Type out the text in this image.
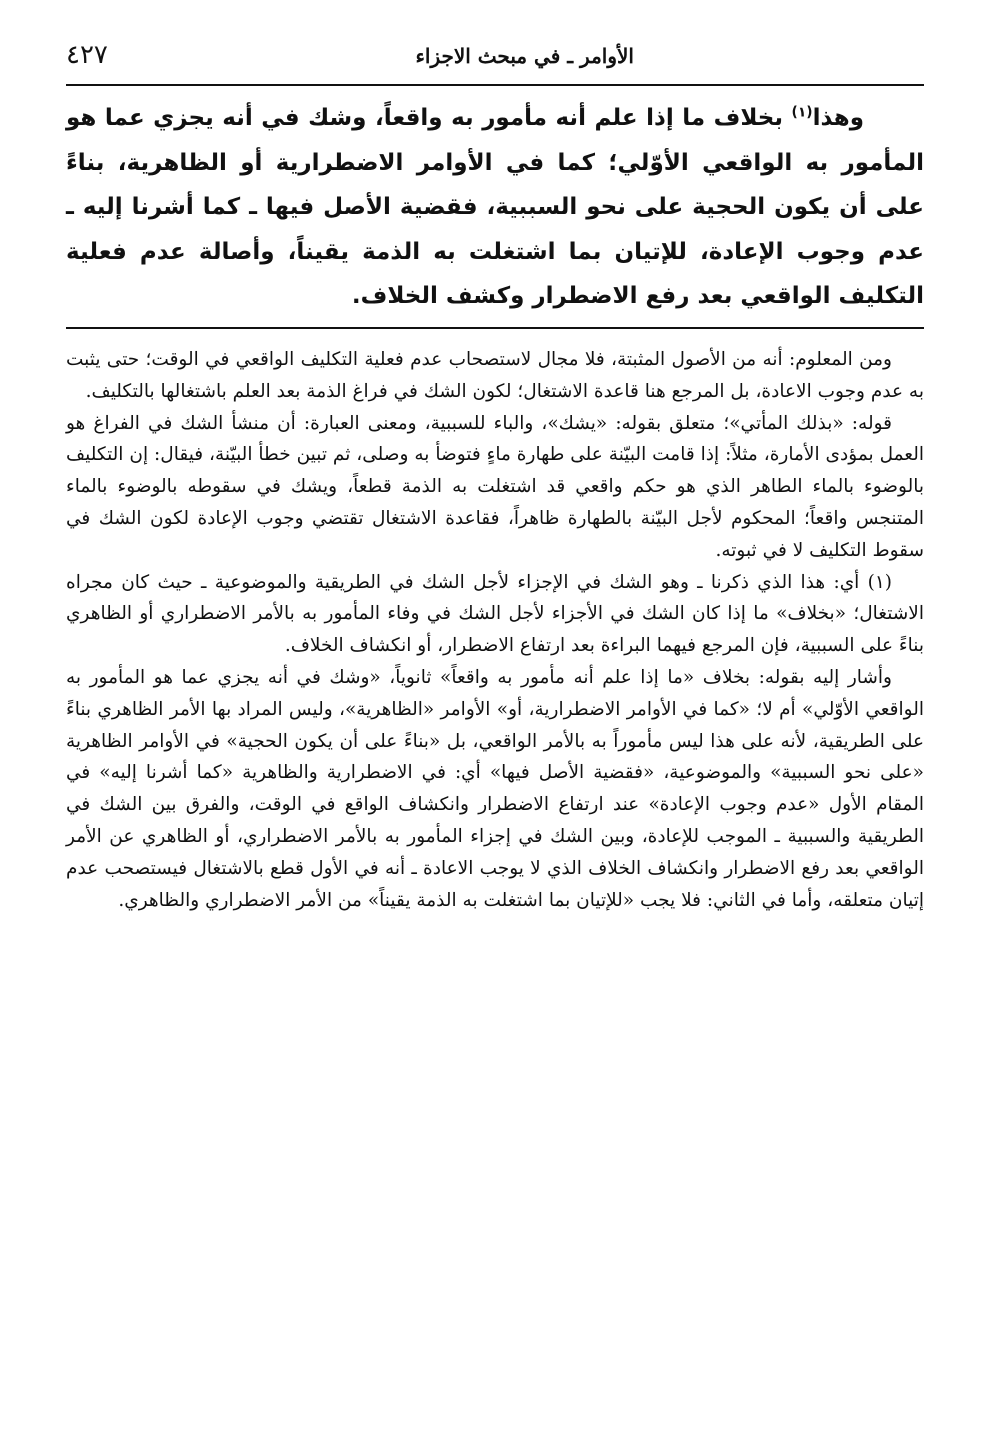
الأوامر ـ في مبحث الاجزاء
٤٢٧

وهذا$^{(١)}$ بخلاف ما إذا علم أنه مأمور به واقعاً، وشك في أنه يجزي عما هو المأمور به الواقعي الأوّلي؛ كما في الأوامر الاضطرارية أو الظاهرية، بناءً على أن يكون الحجية على نحو السببية، فقضية الأصل فيها ـ كما أشرنا إليه ـ عدم وجوب الإعادة، للإتيان بما اشتغلت به الذمة يقيناً، وأصالة عدم فعلية التكليف الواقعي بعد رفع الاضطرار وكشف الخلاف.

ومن المعلوم: أنه من الأصول المثبتة، فلا مجال لاستصحاب عدم فعلية التكليف الواقعي في الوقت؛ حتى يثبت به عدم وجوب الاعادة، بل المرجع هنا قاعدة الاشتغال؛ لكون الشك في فراغ الذمة بعد العلم باشتغالها بالتكليف.

قوله: «بذلك المأتي»؛ متعلق بقوله: «يشك»، والباء للسببية، ومعنى العبارة: أن منشأ الشك في الفراغ هو العمل بمؤدى الأمارة، مثلاً: إذا قامت البيّنة على طهارة ماءٍ فتوضأ به وصلى، ثم تبين خطأ البيّنة، فيقال: إن التكليف بالوضوء بالماء الطاهر الذي هو حكم واقعي قد اشتغلت به الذمة قطعاً، ويشك في سقوطه بالوضوء بالماء المتنجس واقعاً؛ المحكوم لأجل البيّنة بالطهارة ظاهراً، فقاعدة الاشتغال تقتضي وجوب الإعادة لكون الشك في سقوط التكليف لا في ثبوته.

(١) أي: هذا الذي ذكرنا ـ وهو الشك في الإجزاء لأجل الشك في الطريقية والموضوعية ـ حيث كان مجراه الاشتغال؛ «بخلاف» ما إذا كان الشك في الأجزاء لأجل الشك في وفاء المأمور به بالأمر الاضطراري أو الظاهري بناءً على السببية، فإن المرجع فيهما البراءة بعد ارتفاع الاضطرار، أو انكشاف الخلاف.

وأشار إليه بقوله: بخلاف «ما إذا علم أنه مأمور به واقعاً» ثانوياً، «وشك في أنه يجزي عما هو المأمور به الواقعي الأوّلي» أم لا؛ «كما في الأوامر الاضطرارية، أو» الأوامر «الظاهرية»، وليس المراد بها الأمر الظاهري بناءً على الطريقية، لأنه على هذا ليس مأموراً به بالأمر الواقعي، بل «بناءً على أن يكون الحجية» في الأوامر الظاهرية «على نحو السببية» والموضوعية، «فقضية الأصل فيها» أي: في الاضطرارية والظاهرية «كما أشرنا إليه» في المقام الأول «عدم وجوب الإعادة» عند ارتفاع الاضطرار وانكشاف الواقع في الوقت، والفرق بين الشك في الطريقية والسببية ـ الموجب للإعادة، وبين الشك في إجزاء المأمور به بالأمر الاضطراري، أو الظاهري عن الأمر الواقعي بعد رفع الاضطرار وانكشاف الخلاف الذي لا يوجب الاعادة ـ أنه في الأول قطع بالاشتغال فيستصحب عدم إتيان متعلقه، وأما في الثاني: فلا يجب «للإتيان بما اشتغلت به الذمة يقيناً» من الأمر الاضطراري والظاهري.
